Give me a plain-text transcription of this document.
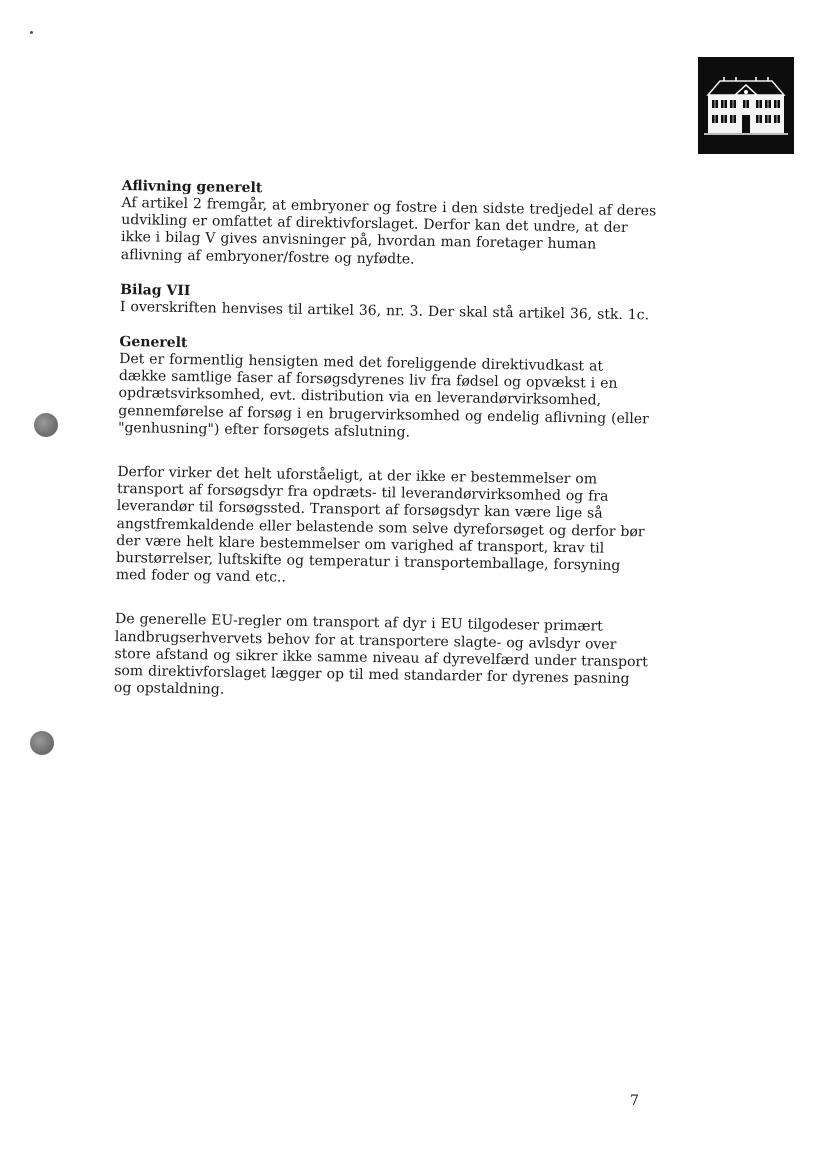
Aflivning generelt

Af artikel 2 fremgår, at embryoner og fostre i den sidste tredjedel af deres udvikling er omfattet af direktivforslaget. Derfor kan det undre, at der ikke i bilag V gives anvisninger på, hvordan man foretager human aflivning af embryoner/fostre og nyfødte.

Bilag VII

I overskriften henvises til artikel 36, nr. 3. Der skal stå artikel 36, stk. 1c.

Generelt

Det er formentlig hensigten med det foreliggende direktivudkast at dække samtlige faser af forsøgsdyrenes liv fra fødsel og opvækst i en opdrætsvirksomhed, evt. distribution via en leverandørvirksomhed, gennemførelse af forsøg i en brugervirksomhed og endelig aflivning (eller "genhusning") efter forsøgets afslutning.

Derfor virker det helt uforståeligt, at der ikke er bestemmelser om transport af forsøgsdyr fra opdræts- til leverandørvirksomhed og fra leverandør til forsøgssted. Transport af forsøgsdyr kan være lige så angstfremkaldende eller belastende som selve dyreforsøget og derfor bør der være helt klare bestemmelser om varighed af transport, krav til burstørrelser, luftskifte og temperatur i transportemballage, forsyning med foder og vand etc..

De generelle EU-regler om transport af dyr i EU tilgodeser primært landbrugserhvervets behov for at transportere slagte- og avlsdyr over store afstand og sikrer ikke samme niveau af dyrevelfærd under transport som direktivforslaget lægger op til med standarder for dyrenes pasning og opstaldning.

7
